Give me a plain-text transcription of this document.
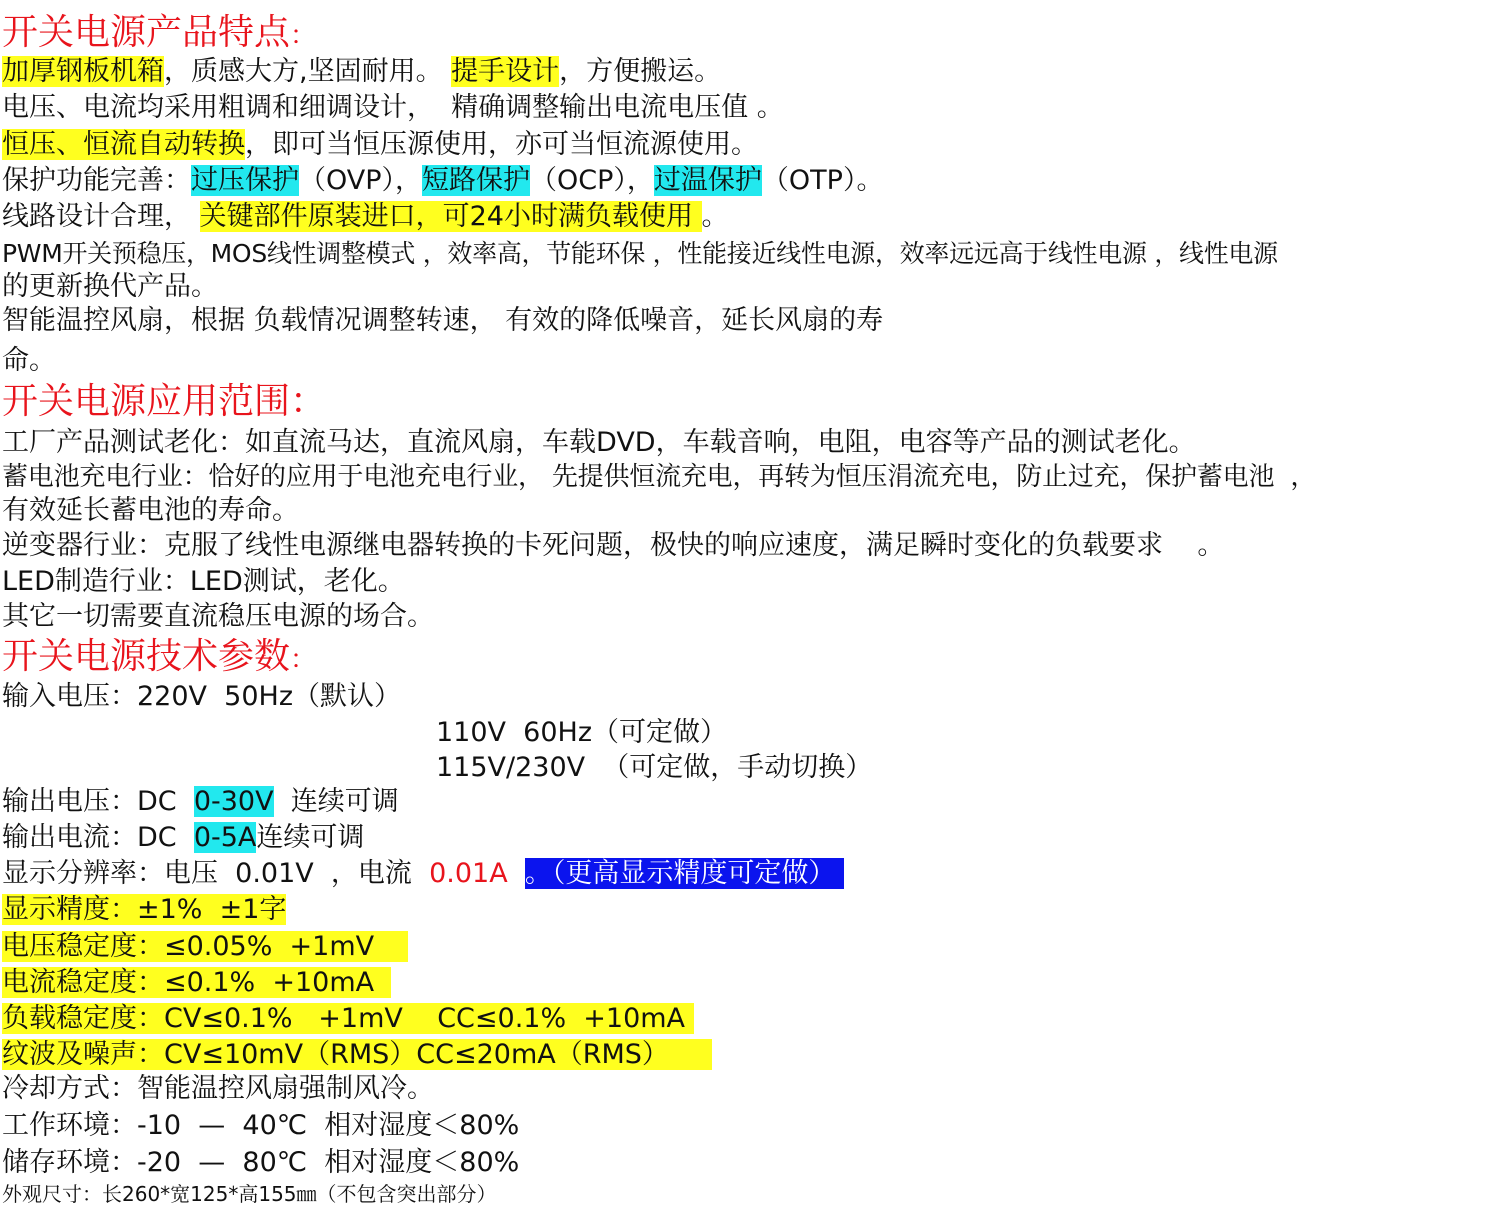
开关电源产品特点：
加厚钢板机箱，质感大方,坚固耐用。 提手设计，方便搬运。
电压、电流均采用粗调和细调设计，  精确调整输出电流电压值 。
恒压、恒流自动转换，即可当恒压源使用，亦可当恒流源使用。
保护功能完善：过压保护（OVP），短路保护（OCP），过温保护（OTP）。
线路设计合理， 关键部件原装进口，可24小时满负载使用 。
PWM开关预稳压，MOS线性调整模式 ，效率高，节能环保 ，性能接近线性电源，效率远远高于线性电源 ，线性电源
的更新换代产品。
智能温控风扇，根据 负载情况调整转速， 有效的降低噪音，延长风扇的寿
命。
开关电源应用范围：
工厂产品测试老化：如直流马达，直流风扇，车载DVD，车载音响，电阻，电容等产品的测试老化。
蓄电池充电行业：恰好的应用于电池充电行业， 先提供恒流充电，再转为恒压涓流充电，防止过充，保护蓄电池  ，
有效延长蓄电池的寿命。
逆变器行业：克服了线性电源继电器转换的卡死问题，极快的响应速度，满足瞬时变化的负载要求    。
LED制造行业：LED测试，老化。
其它一切需要直流稳压电源的场合。
开关电源技术参数：
输入电压：220V  50Hz（默认）
110V  60Hz（可定做）
115V/230V  （可定做，手动切换）
输出电压：DC  0-30V  连续可调
输出电流：DC  0-5A连续可调
显示分辨率：电压  0.01V  ，电流  0.01A 。（更高显示精度可定做）
显示精度：±1%  ±1字
电压稳定度：≤0.05%  +1mV
电流稳定度：≤0.1%  +10mA
负载稳定度：CV≤0.1%   +1mV    CC≤0.1%  +10mA
纹波及噪声：CV≤10mV（RMS）CC≤20mA（RMS）
冷却方式：智能温控风扇强制风冷。
工作环境：-10  —  40℃  相对湿度＜80%
储存环境：-20  —  80℃  相对湿度＜80%
外观尺寸：长260*宽125*高155㎜（不包含突出部分）
